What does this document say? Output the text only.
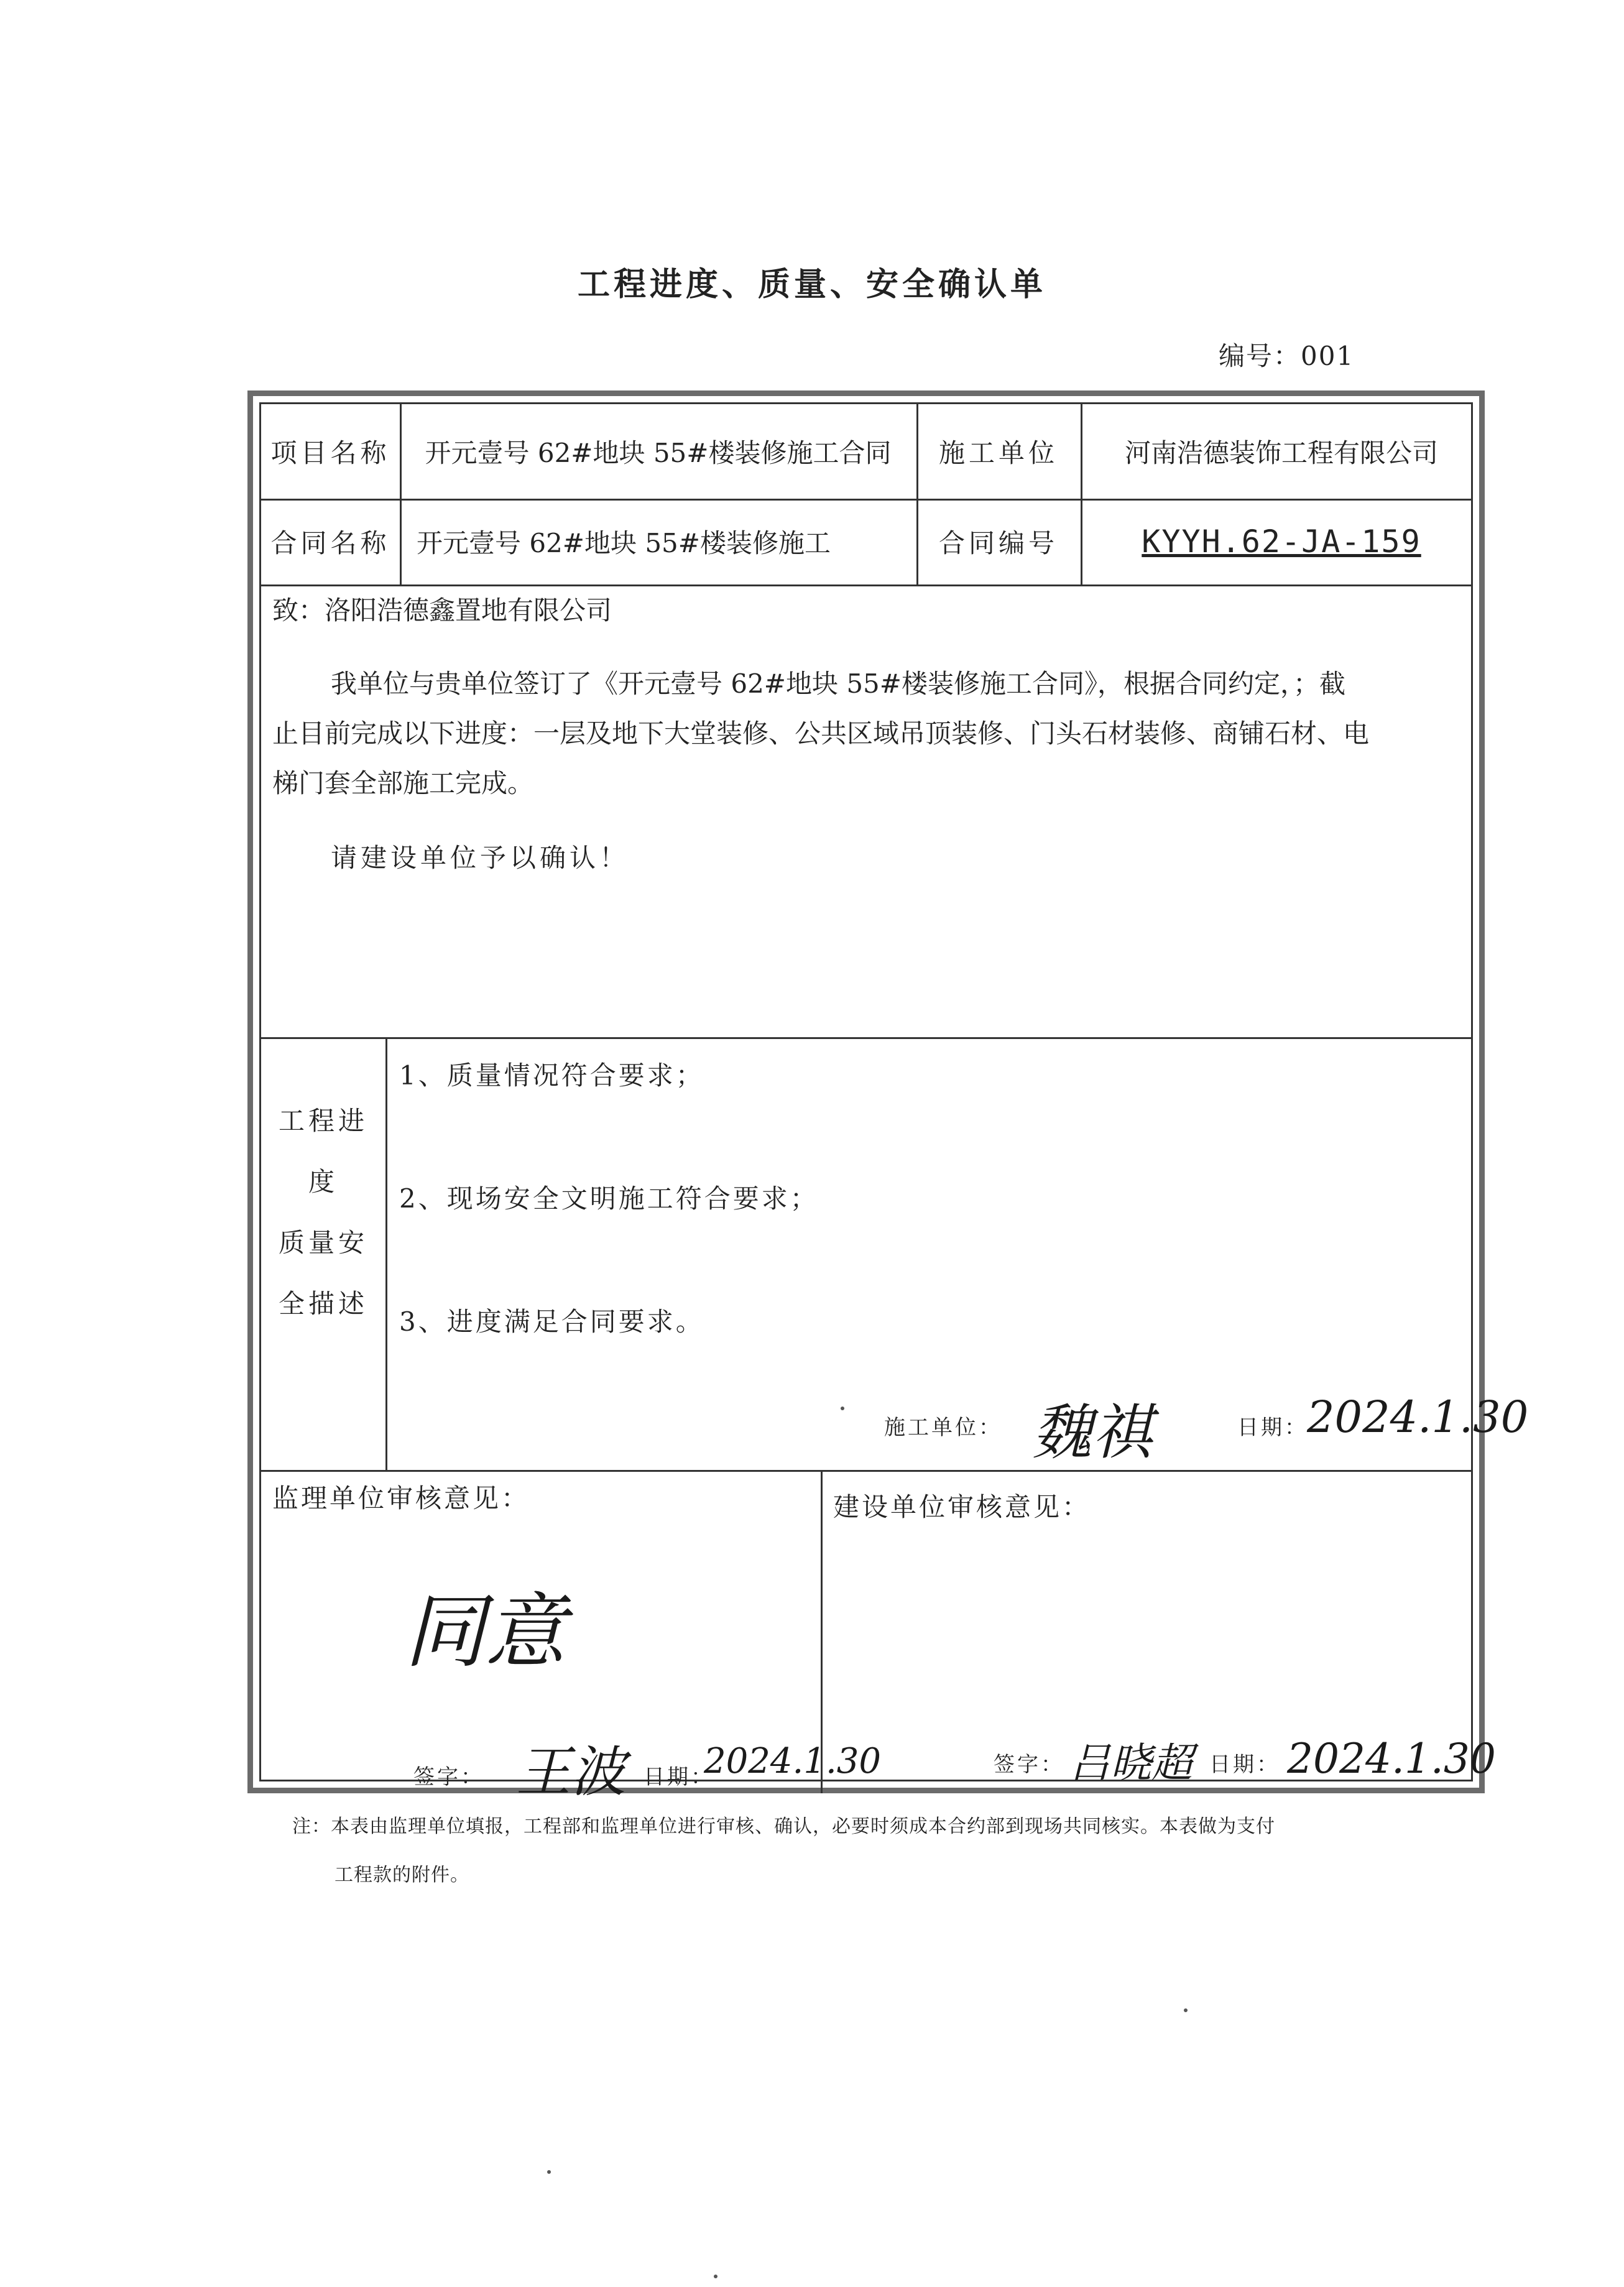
工程进度、质量、安全确认单
编号：001
项目名称	开元壹号 62#地块 55#楼装修施工合同	施工单位	河南浩德装饰工程有限公司
合同名称	开元壹号 62#地块 55#楼装修施工	合同编号	KYYH.62-JA-159
致：洛阳浩德鑫置地有限公司
我单位与贵单位签订了《开元壹号 62#地块 55#楼装修施工合同》，根据合同约定，；截
止目前完成以下进度：一层及地下大堂装修、公共区域吊顶装修、门头石材装修、商铺石材、电
梯门套全部施工完成。
请建设单位予以确认！
工程进
度
质量安
全描述
1、质量情况符合要求；
2、现场安全文明施工符合要求；
3、进度满足合同要求。
施工单位： 魏祺	日期：
2024.1.30
监理单位审核意见：
同意
签字： 王波 日期：
2024.1.30
建设单位审核意见：
签字： 吕晓超 日期： 2024.1.30
注：本表由监理单位填报，工程部和监理单位进行审核、确认，必要时须成本合约部到现场共同核实。本表做为支付
工程款的附件。
